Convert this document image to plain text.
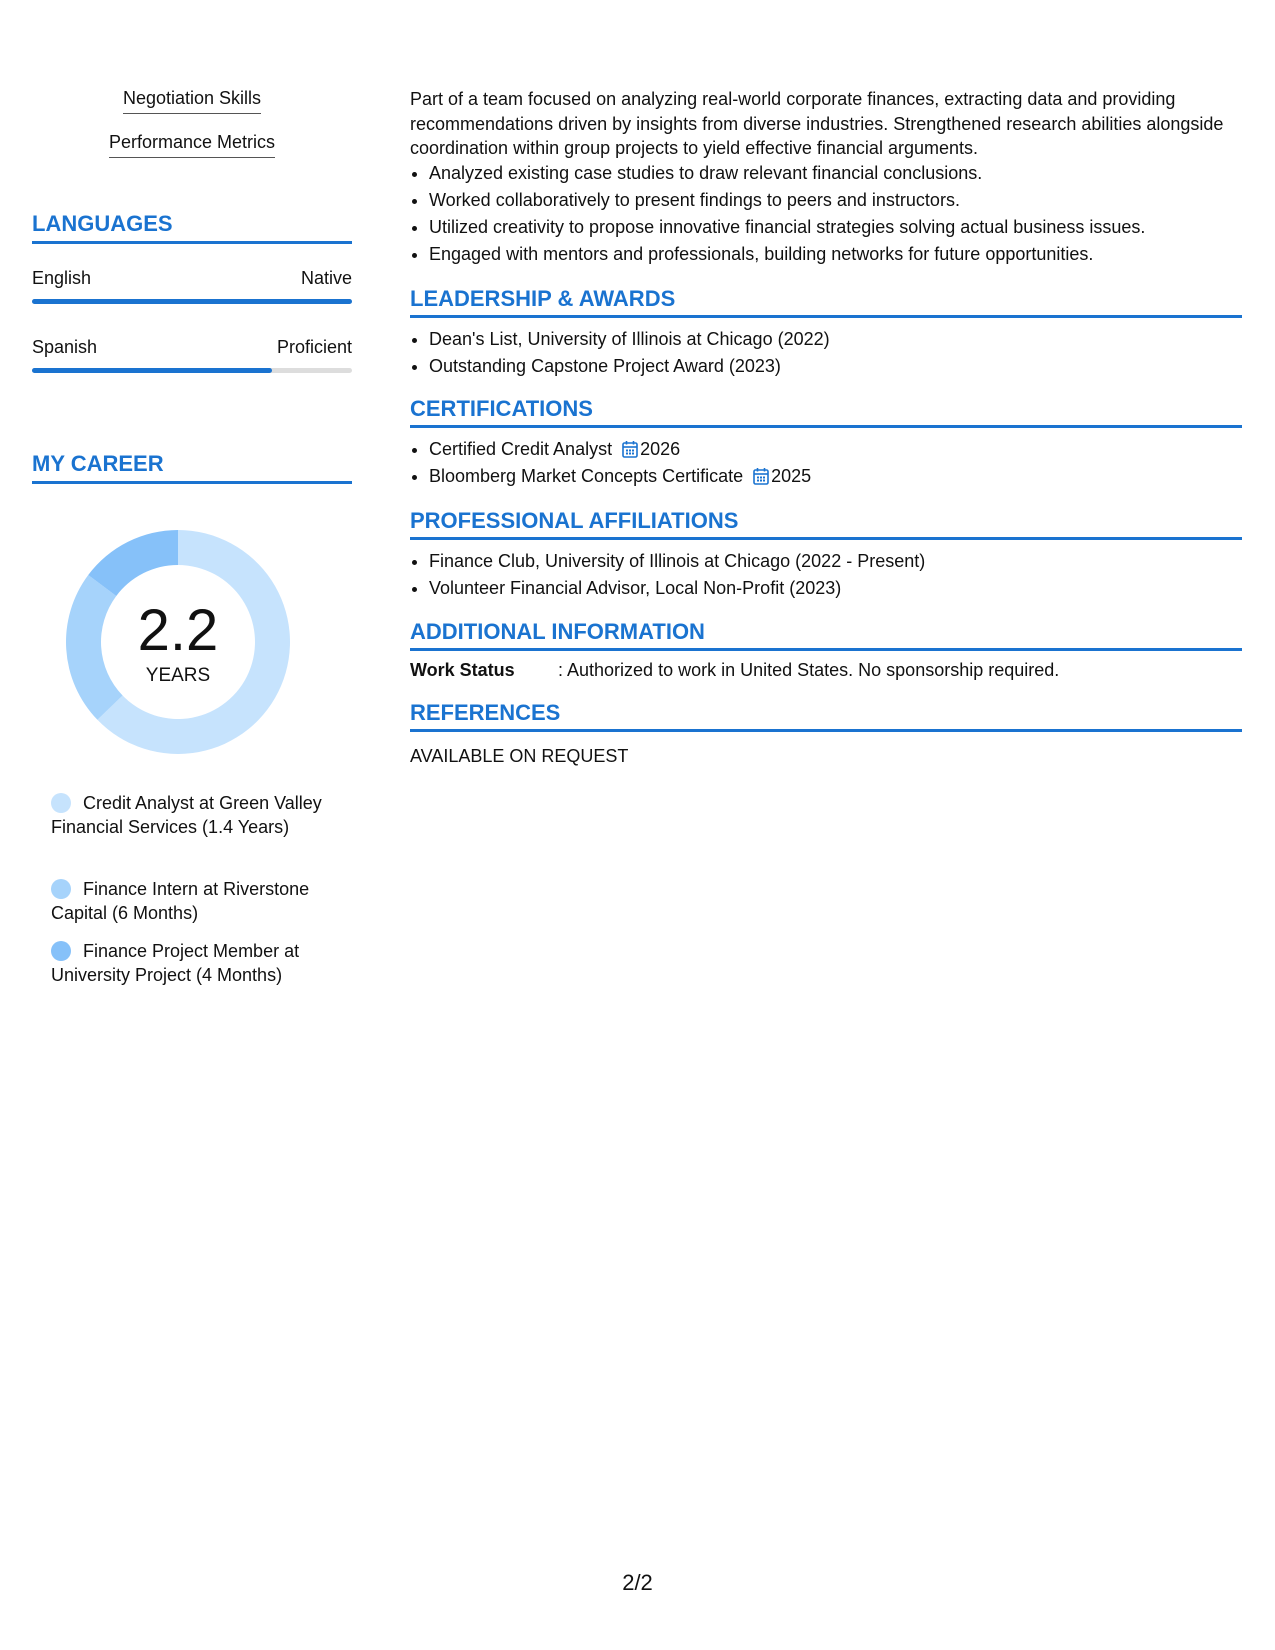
Negotiation Skills
Performance Metrics
LANGUAGES
English	Native
Spanish	Proficient
MY CAREER
2.2
YEARS
Credit Analyst at Green Valley Financial Services (1.4 Years)
Finance Intern at Riverstone Capital (6 Months)
Finance Project Member at University Project (4 Months)
Part of a team focused on analyzing real-world corporate finances, extracting data and providing recommendations driven by insights from diverse industries. Strengthened research abilities alongside coordination within group projects to yield effective financial arguments.
• Analyzed existing case studies to draw relevant financial conclusions.
• Worked collaboratively to present findings to peers and instructors.
• Utilized creativity to propose innovative financial strategies solving actual business issues.
• Engaged with mentors and professionals, building networks for future opportunities.
LEADERSHIP & AWARDS
• Dean's List, University of Illinois at Chicago (2022)
• Outstanding Capstone Project Award (2023)
CERTIFICATIONS
• Certified Credit Analyst 2026
• Bloomberg Market Concepts Certificate 2025
PROFESSIONAL AFFILIATIONS
• Finance Club, University of Illinois at Chicago (2022 - Present)
• Volunteer Financial Advisor, Local Non-Profit (2023)
ADDITIONAL INFORMATION
Work Status	: Authorized to work in United States. No sponsorship required.
REFERENCES
AVAILABLE ON REQUEST
2/2
